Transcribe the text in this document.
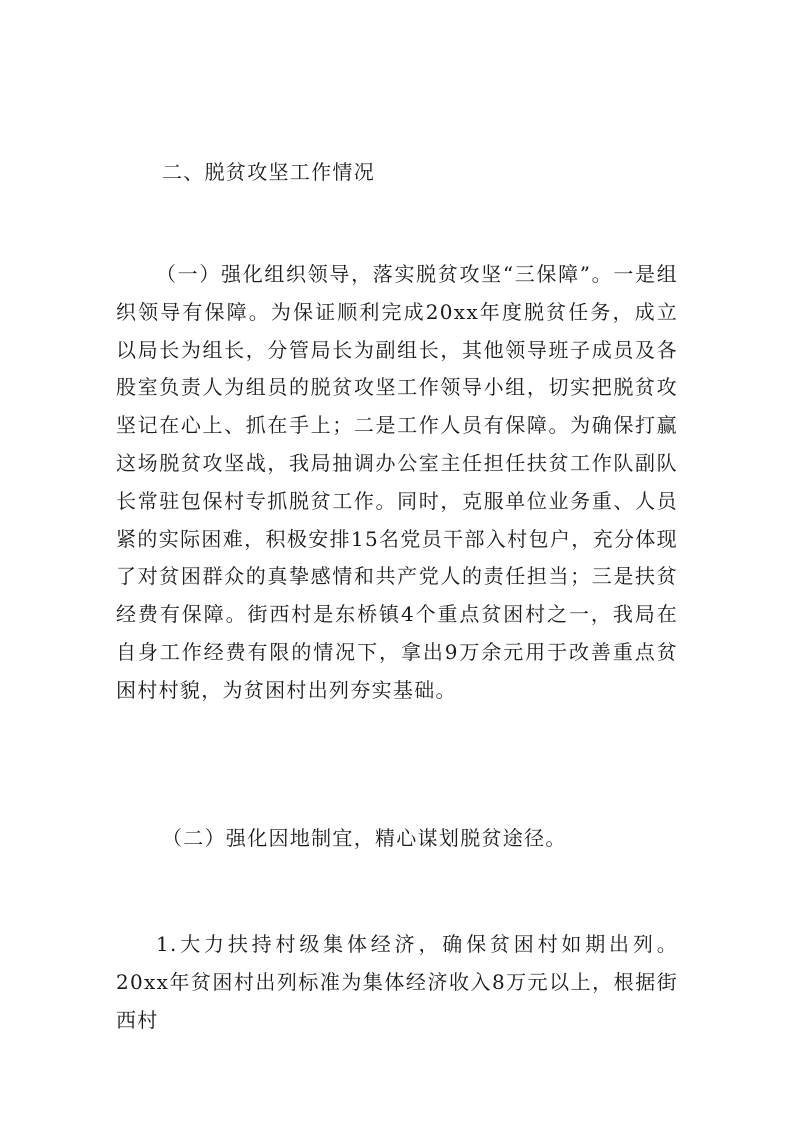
二、脱贫攻坚工作情况

（一）强化组织领导，落实脱贫攻坚“三保障”。一是组织领导有保障。为保证顺利完成20xx年度脱贫任务，成立以局长为组长，分管局长为副组长，其他领导班子成员及各股室负责人为组员的脱贫攻坚工作领导小组，切实把脱贫攻坚记在心上、抓在手上；二是工作人员有保障。为确保打赢这场脱贫攻坚战，我局抽调办公室主任担任扶贫工作队副队长常驻包保村专抓脱贫工作。同时，克服单位业务重、人员紧的实际困难，积极安排15名党员干部入村包户，充分体现了对贫困群众的真挚感情和共产党人的责任担当；三是扶贫经费有保障。街西村是东桥镇4个重点贫困村之一，我局在自身工作经费有限的情况下，拿出9万余元用于改善重点贫困村村貌，为贫困村出列夯实基础。

（二）强化因地制宜，精心谋划脱贫途径。

1.大力扶持村级集体经济，确保贫困村如期出列。20xx年贫困村出列标准为集体经济收入8万元以上，根据街西村
